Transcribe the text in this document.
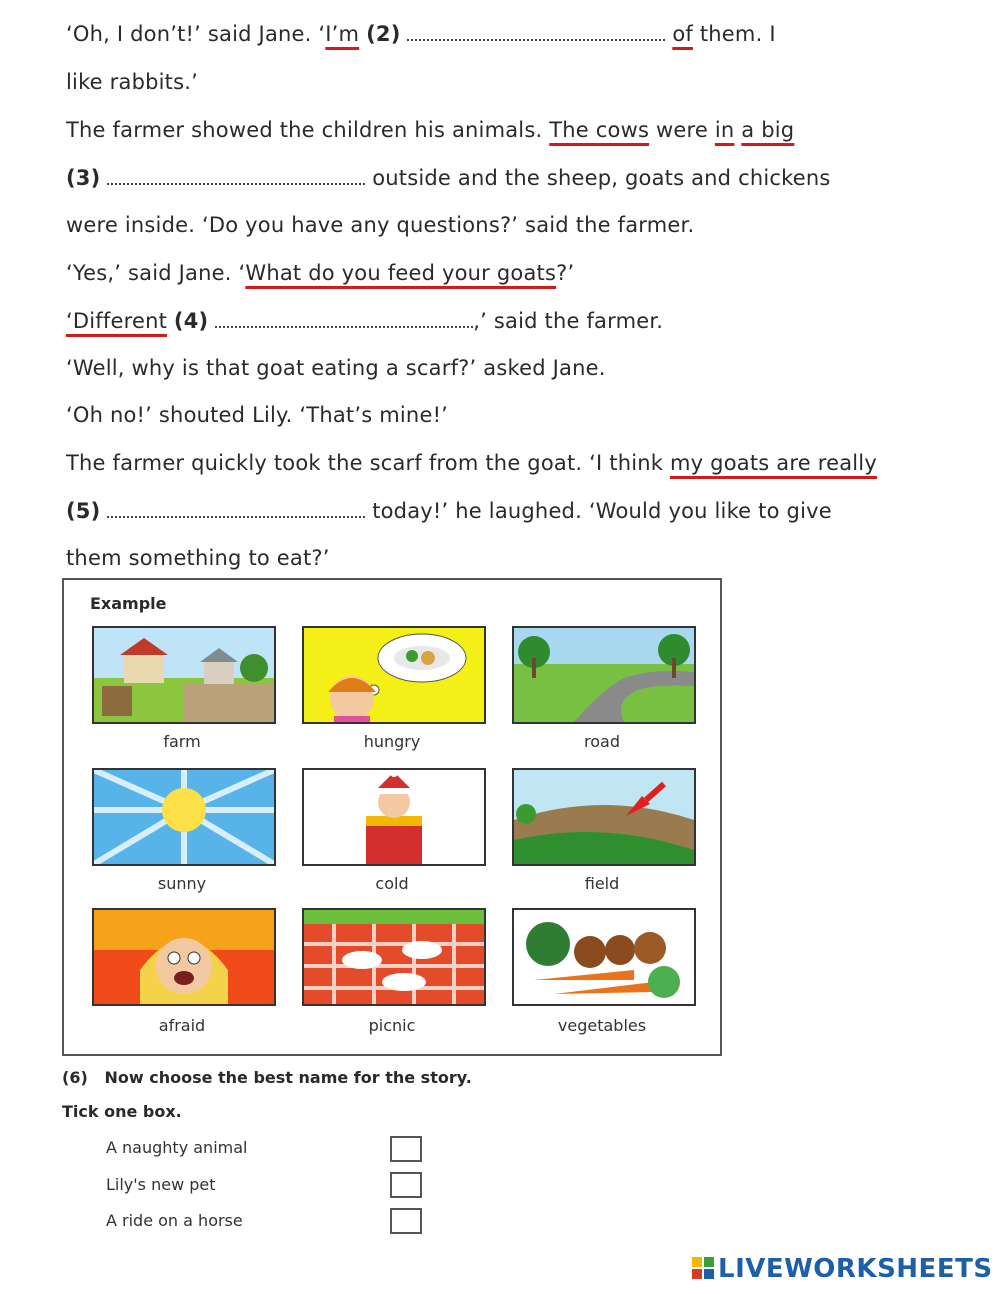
‘Oh, I don’t!’ said Jane. ‘I’m (2)	of them. I
like rabbits.’
The farmer showed the children his animals. The cows were in a big
(3)	outside and the sheep, goats and chickens
were inside. ‘Do you have any questions?’ said the farmer.
‘Yes,’ said Jane. ‘What do you feed your goats?’
‘Different (4)	,’ said the farmer.
‘Well, why is that goat eating a scarf?’ asked Jane.
‘Oh no!’ shouted Lily. ‘That’s mine!’
The farmer quickly took the scarf from the goat. ‘I think my goats are really
(5)	today!’ he laughed. ‘Would you like to give
them something to eat?’
Example
farm	hungry	road
sunny	cold	field
afraid	picnic	vegetables
(6)   Now choose the best name for the story.
Tick one box.
A naughty animal
Lily's new pet
A ride on a horse
LIVEWORKSHEETS
